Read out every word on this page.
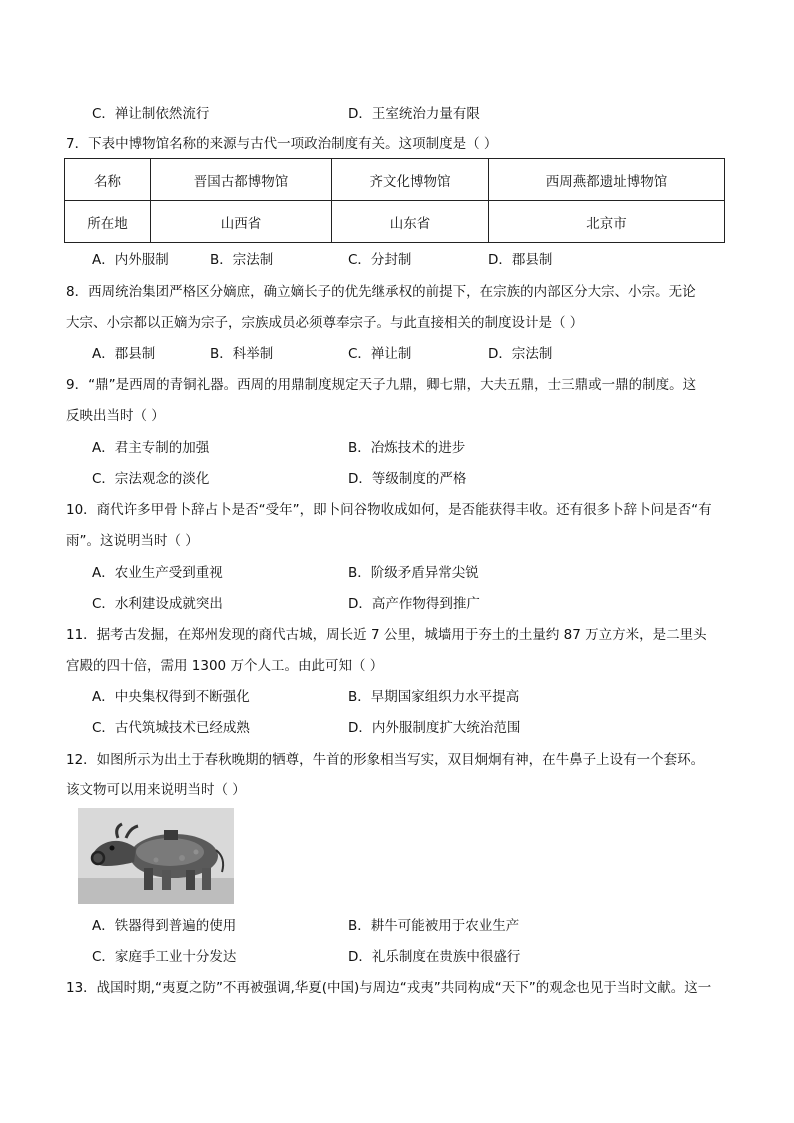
C．禅让制依然流行	D．王室统治力量有限
7．下表中博物馆名称的来源与古代一项政治制度有关。这项制度是（ ）
名称	晋国古都博物馆	齐文化博物馆	西周燕都遗址博物馆
所在地	山西省	山东省	北京市
A．内外服制	B．宗法制	C．分封制	D．郡县制
8．西周统治集团严格区分嫡庶，确立嫡长子的优先继承权的前提下，在宗族的内部区分大宗、小宗。无论
大宗、小宗都以正嫡为宗子，宗族成员必须尊奉宗子。与此直接相关的制度设计是（ ）
A．郡县制	B．科举制	C．禅让制	D．宗法制
9．“鼎”是西周的青铜礼器。西周的用鼎制度规定天子九鼎，卿七鼎，大夫五鼎，士三鼎或一鼎的制度。这
反映出当时（ ）
A．君主专制的加强	B．冶炼技术的进步
C．宗法观念的淡化	D．等级制度的严格
10．商代许多甲骨卜辞占卜是否“受年”，即卜问谷物收成如何，是否能获得丰收。还有很多卜辞卜问是否“有
雨”。这说明当时（ ）
A．农业生产受到重视	B．阶级矛盾异常尖锐
C．水利建设成就突出	D．高产作物得到推广
11．据考古发掘，在郑州发现的商代古城，周长近 7 公里，城墙用于夯土的土量约 87 万立方米，是二里头
宫殿的四十倍，需用 1300 万个人工。由此可知（ ）
A．中央集权得到不断强化	B．早期国家组织力水平提高
C．古代筑城技术已经成熟	D．内外服制度扩大统治范围
12．如图所示为出土于春秋晚期的牺尊，牛首的形象相当写实，双目炯炯有神，在牛鼻子上设有一个套环。
该文物可以用来说明当时（ ）
A．铁器得到普遍的使用	B．耕牛可能被用于农业生产
C．家庭手工业十分发达	D．礼乐制度在贵族中很盛行
13．战国时期,“夷夏之防”不再被强调,华夏(中国)与周边“戎夷”共同构成“天下”的观念也见于当时文献。这一
